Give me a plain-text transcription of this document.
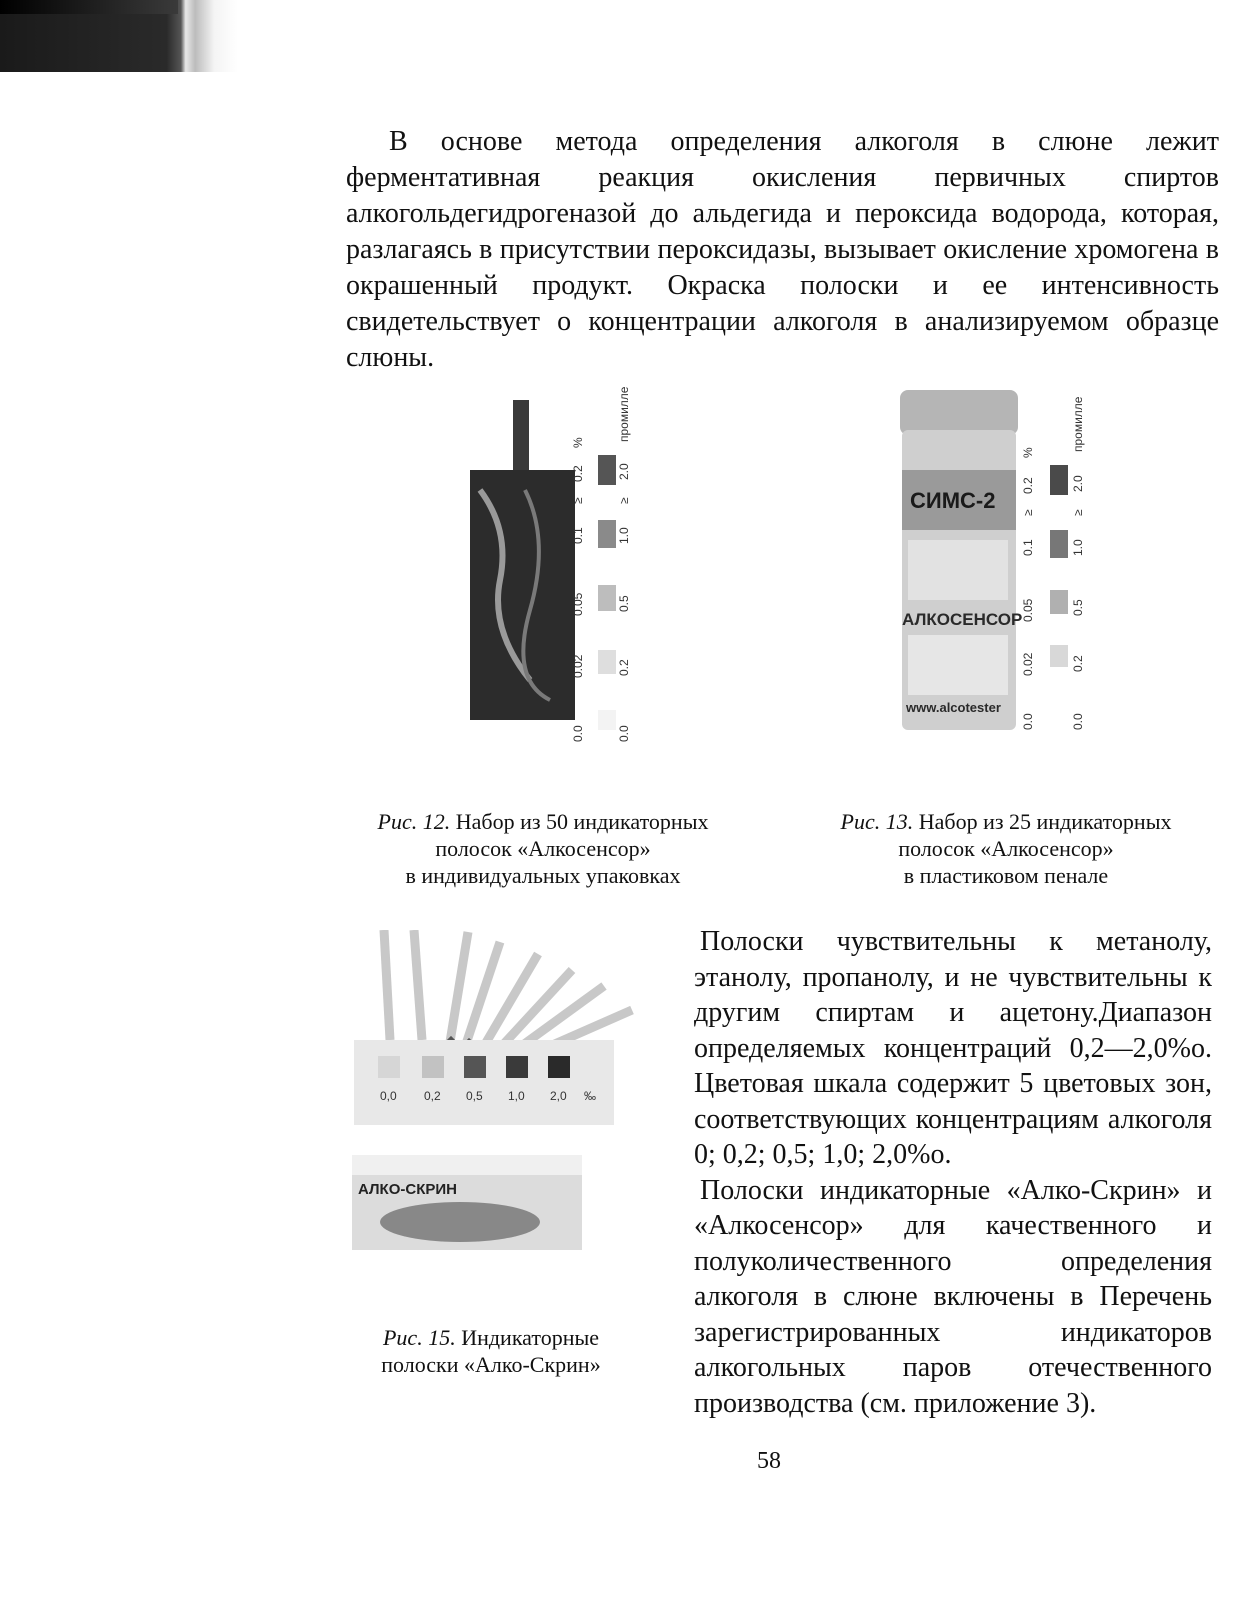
В основе метода определения алкоголя в слюне лежит ферментативная реакция окисления первичных спиртов алкогольдегидрогеназой до альдегида и пероксида водорода, которая, разлагаясь в присутствии пероксидазы, вызывает окисление хромогена в окрашенный продукт. Окраска полоски и ее интенсивность свидетельствует о концентрации алкоголя в анализируемом образце слюны.

0.0
0.02
0.05
0.1
≥
0.2
%
0.0
0.2
0.5
1.0
≥
2.0
промилле
Рис. 12. Набор из 50 индикаторных
полосок «Алкосенсор»
в индивидуальных упаковках
СИМС-2
АЛКОСЕНСОР
www.alcotester
0.0
0.02
0.05
0.1
≥
0.2
%
0.0
0.2
0.5
1.0
≥
2.0
промилле
Рис. 13. Набор из 25 индикаторных
полосок «Алкосенсор»
в пластиковом пенале
0,0 0,2 0,5 1,0 2,0 ‰
АЛКО-СКРИН
Рис. 15. Индикаторные
полоски «Алко-Скрин»

Полоски чувствительны к метанолу, этанолу, пропанолу, и не чувствительны к другим спиртам и ацетону.Диапазон определяемых концентраций 0,2—2,0%о. Цветовая шкала содержит 5 цветовых зон, соответствующих концентрациям алкоголя 0; 0,2; 0,5; 1,0; 2,0%о.

Полоски индикаторные «Алко-Скрин» и «Алкосенсор» для качественного и полуколичественного определения алкоголя в слюне включены в Перечень зарегистрированных индикаторов алкогольных паров отечественного производства (см. приложение 3).

58
